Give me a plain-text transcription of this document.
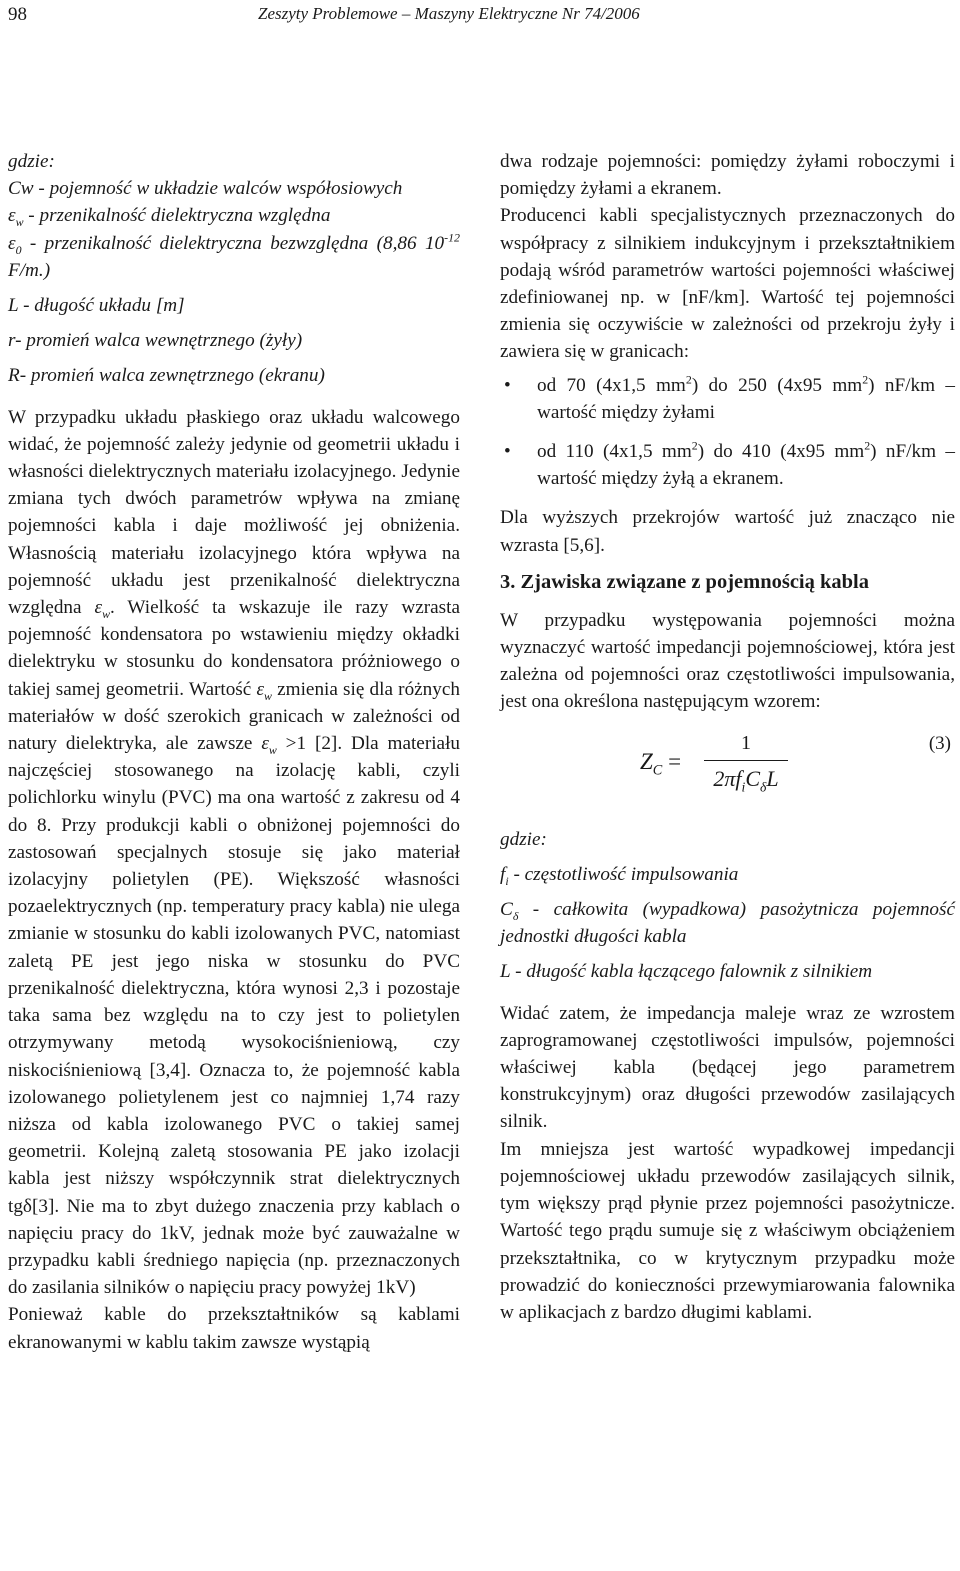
98	Zeszyty Problemowe – Maszyny Elektryczne Nr 74/2006

gdzie:

Cw - pojemność w układzie walców współosiowych

$\varepsilon_w$ - przenikalność dielektryczna względna

$\varepsilon_0$ - przenikalność dielektryczna bezwzględna (8,86 $10^{-12}$ F/m.)

L - długość układu [m]

r- promień walca wewnętrznego (żyły)

R- promień walca zewnętrznego (ekranu)

W przypadku układu płaskiego oraz układu walcowego widać, że pojemność zależy jedynie od geometrii układu i własności dielektrycznych materiału izolacyjnego. Jedynie zmiana tych dwóch parametrów wpływa na zmianę pojemności kabla i daje możliwość jej obniżenia. Własnością materiału izolacyjnego która wpływa na pojemność układu jest przenikalność dielektryczna względna $\varepsilon_w$. Wielkość ta wskazuje ile razy wzrasta pojemność kondensatora po wstawieniu między okładki dielektryku w stosunku do kondensatora próżniowego o takiej samej geometrii. Wartość $\varepsilon_w$ zmienia się dla różnych materiałów w dość szerokich granicach w zależności od natury dielektryka, ale zawsze $\varepsilon_w >1$ [2]. Dla materiału najczęściej stosowanego na izolację kabli, czyli polichlorku winylu (PVC) ma ona wartość z zakresu od 4 do 8. Przy produkcji kabli o obniżonej pojemności do zastosowań specjalnych stosuje się jako materiał izolacyjny polietylen (PE). Większość własności pozaelektrycznych (np. temperatury pracy kabla) nie ulega zmianie w stosunku do kabli izolowanych PVC, natomiast zaletą PE jest jego niska w stosunku do PVC przenikalność dielektryczna, która wynosi 2,3 i pozostaje taka sama bez względu na to czy jest to polietylen otrzymywany metodą wysokociśnieniową, czy niskociśnieniową [3,4]. Oznacza to, że pojemność kabla izolowanego polietylenem jest co najmniej 1,74 razy niższa od kabla izolowanego PVC o takiej samej geometrii. Kolejną zaletą stosowania PE jako izolacji kabla jest niższy współczynnik strat dielektrycznych tgδ[3]. Nie ma to zbyt dużego znaczenia przy kablach o napięciu pracy do 1kV, jednak może być zauważalne w przypadku kabli średniego napięcia (np. przeznaczonych do zasilania silników o napięciu pracy powyżej 1kV)

Ponieważ kable do przekształtników są kablami ekranowanymi w kablu takim zawsze wystąpią

dwa rodzaje pojemności: pomiędzy żyłami roboczymi i pomiędzy żyłami a ekranem.

Producenci kabli specjalistycznych przeznaczonych do współpracy z silnikiem indukcyjnym i przekształtnikiem podają wśród parametrów wartości pojemności właściwej zdefiniowanej np. w [nF/km]. Wartość tej pojemności zmienia się oczywiście w zależności od przekroju żyły i zawiera się w granicach:

• od 70 (4x1,5 $mm^2$) do 250 (4x95 $mm^2$) nF/km – wartość między żyłami
• od 110 (4x1,5 $mm^2$) do 410 (4x95 $mm^2$) nF/km – wartość między żyłą a ekranem.

Dla wyższych przekrojów wartość już znacząco nie wzrasta [5,6].

3. Zjawiska związane z pojemnością kabla

W przypadku występowania pojemności można wyznaczyć wartość impedancji pojemnościowej, która jest zależna od pojemności oraz częstotliwości impulsowania, jest ona określona następującym wzorem:

$Z_C$ =
1
$2\pi f_iC_\delta L$
(3)

gdzie:

$f_i$ - częstotliwość impulsowania

$C_\delta$ - całkowita (wypadkowa) pasożytnicza pojemność jednostki długości kabla

L - długość kabla łączącego falownik z silnikiem

Widać zatem, że impedancja maleje wraz ze wzrostem zaprogramowanej częstotliwości impulsów, pojemności właściwej kabla (będącej jego parametrem konstrukcyjnym) oraz długości przewodów zasilających silnik.

Im mniejsza jest wartość wypadkowej impedancji pojemnościowej układu przewodów zasilających silnik, tym większy prąd płynie przez pojemności pasożytnicze. Wartość tego prądu sumuje się z właściwym obciążeniem przekształtnika, co w krytycznym przypadku może prowadzić do konieczności przewymiarowania falownika w aplikacjach z bardzo długimi kablami.
